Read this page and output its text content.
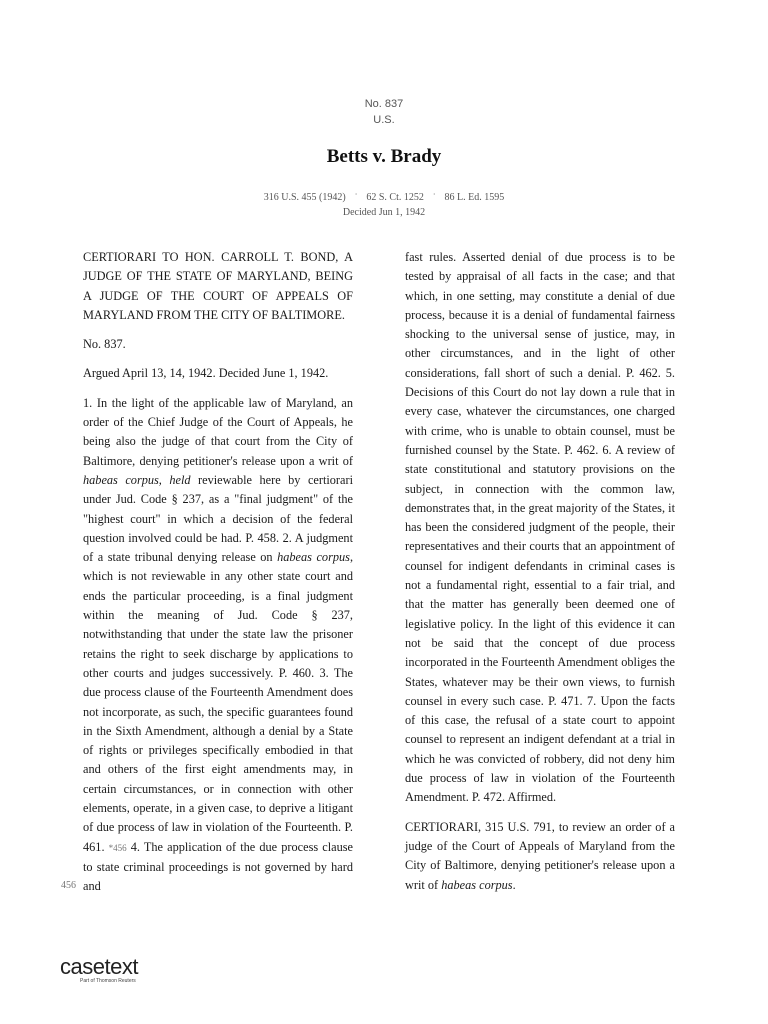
No. 837
U.S.
Betts v. Brady
316 U.S. 455 (1942) · 62 S. Ct. 1252 · 86 L. Ed. 1595
Decided Jun 1, 1942

CERTIORARI TO HON. CARROLL T. BOND, A JUDGE OF THE STATE OF MARYLAND, BEING A JUDGE OF THE COURT OF APPEALS OF MARYLAND FROM THE CITY OF BALTIMORE.

No. 837.

Argued April 13, 14, 1942. Decided June 1, 1942.

1. In the light of the applicable law of Maryland, an order of the Chief Judge of the Court of Appeals, he being also the judge of that court from the City of Baltimore, denying petitioner's release upon a writ of habeas corpus, held reviewable here by certiorari under Jud. Code § 237, as a "final judgment" of the "highest court" in which a decision of the federal question involved could be had. P. 458. 2. A judgment of a state tribunal denying release on habeas corpus, which is not reviewable in any other state court and ends the particular proceeding, is a final judgment within the meaning of Jud. Code § 237, notwithstanding that under the state law the prisoner retains the right to seek discharge by applications to other courts and judges successively. P. 460. 3. The due process clause of the Fourteenth Amendment does not incorporate, as such, the specific guarantees found in the Sixth Amendment, although a denial by a State of rights or privileges specifically embodied in that and others of the first eight amendments may, in certain circumstances, or in connection with other elements, operate, in a given case, to deprive a litigant of due process of law in violation of the Fourteenth. P. 461. *456 4. The application of the due process clause to state criminal proceedings is not governed by hard and

456

fast rules. Asserted denial of due process is to be tested by appraisal of all facts in the case; and that which, in one setting, may constitute a denial of due process, because it is a denial of fundamental fairness shocking to the universal sense of justice, may, in other circumstances, and in the light of other considerations, fall short of such a denial. P. 462. 5. Decisions of this Court do not lay down a rule that in every case, whatever the circumstances, one charged with crime, who is unable to obtain counsel, must be furnished counsel by the State. P. 462. 6. A review of state constitutional and statutory provisions on the subject, in connection with the common law, demonstrates that, in the great majority of the States, it has been the considered judgment of the people, their representatives and their courts that an appointment of counsel for indigent defendants in criminal cases is not a fundamental right, essential to a fair trial, and that the matter has generally been deemed one of legislative policy. In the light of this evidence it can not be said that the concept of due process incorporated in the Fourteenth Amendment obliges the States, whatever may be their own views, to furnish counsel in every such case. P. 471. 7. Upon the facts of this case, the refusal of a state court to appoint counsel to represent an indigent defendant at a trial in which he was convicted of robbery, did not deny him due process of law in violation of the Fourteenth Amendment. P. 472. Affirmed.

CERTIORARI, 315 U.S. 791, to review an order of a judge of the Court of Appeals of Maryland from the City of Baltimore, denying petitioner's release upon a writ of habeas corpus.

casetext
Part of Thomson Reuters
